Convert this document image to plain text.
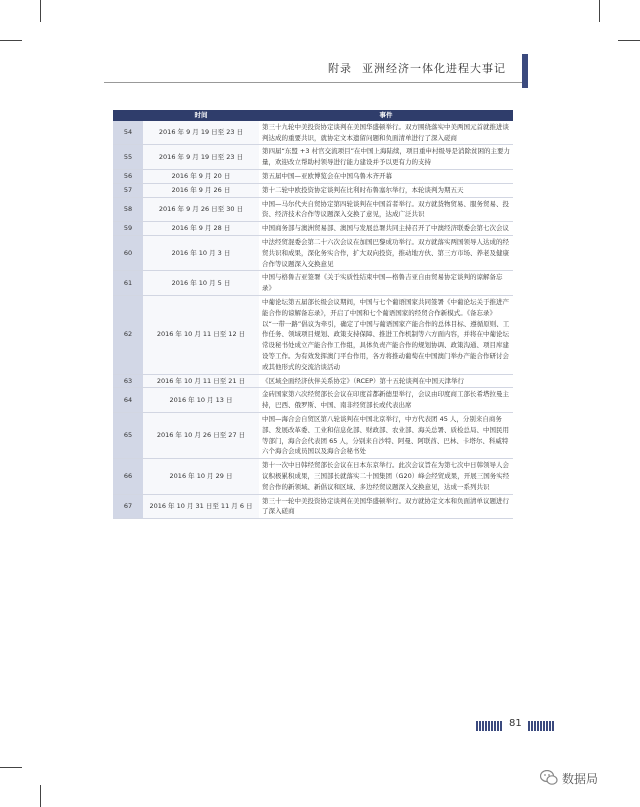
附录 亚洲经济一体化进程大事记
	时间	事件
54	2016 年 9 月 19 日至 23 日	第三十九轮中美投资协定谈判在美国华盛顿举行。双方围绕落实中美两国元首就推进谈判达成的重要共识，就协定文本遗留问题和负面清单进行了深入磋商
55	2016 年 9 月 19 日至 23 日	第四届“东盟 +3 村官交流项目”在中国上海陆续，项目重申村级导是消除贫困的主要力量，欢迎改立帮助村领导进行能力建设并予以更有力的支持
56	2016 年 9 月 20 日	第五届中国—亚欧博览会在中国乌鲁木齐开幕
57	2016 年 9 月 26 日	第十二轮中欧投资协定谈判在比利时布鲁塞尔举行，本轮谈判为期五天
58	2016 年 9 月 26 日至 30 日	中国—马尔代夫自贸协定第四轮谈判在中国首者举行。双方就货物贸易、服务贸易、投资、经济技术合作等议题深入交换了意见，达成广泛共识
59	2016 年 9 月 28 日	中国商务部与澳洲贸易部、澳国与发展总署共同主持召开了中澳经济联委会第七次会议
60	2016 年 10 月 3 日	中法经贸混委会第二十六次会议在加国巴黎成功举行。双方就落实两国领导人达成的经贸共识和成果，深化务实合作，扩大双向投资，推动地方伙、第三方市场、养老及健康合作等议题深入交换意见
61	2016 年 10 月 5 日	中国与格鲁吉亚签署《关于实质性结束中国—格鲁吉亚自由贸易协定谈判的谅解备忘录》
62	2016 年 10 月 11 日至 12 日	中葡论坛第五届部长级会议期间，中国与七个葡语国家共同签署《中葡论坛关于推进产能合作的谅解备忘录》，开启了中国和七个葡语国家的经贸合作新模式。《备忘录》以“一带一路”倡议为牵引，确定了中国与葡语国家产能合作的总体目标、遵循原则、工作任务、领域项目规划、政策支持保障、推进工作机制等六方面内容，并将在中葡论坛常设秘书处成立产能合作工作组，具体负责产能合作的规划协调、政策沟通、项目库建设等工作。为有效发挥澳门平台作用，各方将推动葡萄在中国澳门举办产能合作研讨会或其他形式的交流洽谈活动
63	2016 年 10 月 11 日至 21 日	《区域全面经济伙伴关系协定》（RCEP）第十五轮谈判在中国天津举行
64	2016 年 10 月 13 日	金砖国家第六次经贸部长会议在印度首都新德里举行，会议由印度商工部长希塔拉曼主持，巴西、俄罗斯、中国、南非经贸部长或代表出席
65	2016 年 10 月 26 日至 27 日	中国—海合会自贸区第八轮谈判在中国北京举行，中方代表团 45 人，分别来自商务部、发展改革委、工业和信息化部、财政部、农业部、海关总署、质检总局、中国民用等部门，海合会代表团 65 人，分别来自沙特、阿曼、阿联酋、巴林、卡塔尔、科威特六个海合会成员国以及海合会秘书处
66	2016 年 10 月 29 日	第十一次中日韩经贸部长会议在日本东京举行。此次会议旨在为第七次中日韩领导人会议积极累积成果，三国部长就落实二十国集团（G20）峰会经贸成果，开展三国务实经贸合作的新领域、新倡议和区域、多边经贸议题深入交换意见，达成一系列共识
67	2016 年 10 月 31 日至 11 月 6 日	第三十一轮中美投资协定谈判在美国华盛顿举行。双方就协定文本和负面清单议题进行了深入磋商
81
数据局
